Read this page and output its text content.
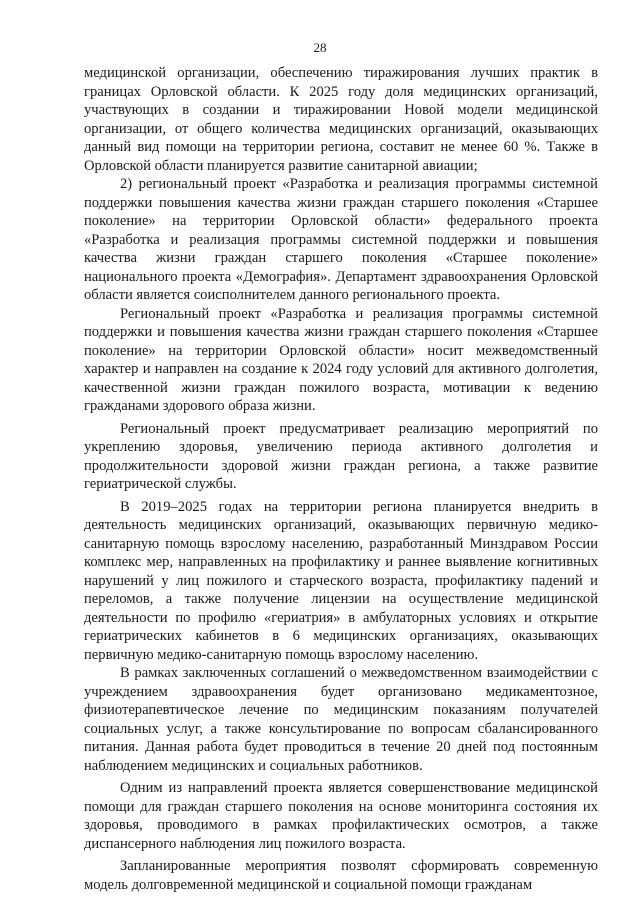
28

медицинской организации, обеспечению тиражирования лучших практик в границах Орловской области. К 2025 году доля медицинских организаций, участвующих в создании и тиражировании Новой модели медицинской организации, от общего количества медицинских организаций, оказывающих данный вид помощи на территории региона, составит не менее 60 %. Также в Орловской области планируется развитие санитарной авиации;

2) региональный проект «Разработка и реализация программы системной поддержки повышения качества жизни граждан старшего поколения «Старшее поколение» на территории Орловской области» федерального проекта «Разработка и реализация программы системной поддержки и повышения качества жизни граждан старшего поколения «Старшее поколение» национального проекта «Демография». Департамент здравоохранения Орловской области является соисполнителем данного регионального проекта.

Региональный проект «Разработка и реализация программы системной поддержки и повышения качества жизни граждан старшего поколения «Старшее поколение» на территории Орловской области» носит межведомственный характер и направлен на создание к 2024 году условий для активного долголетия, качественной жизни граждан пожилого возраста, мотивации к ведению гражданами здорового образа жизни.

Региональный проект предусматривает реализацию мероприятий по укреплению здоровья, увеличению периода активного долголетия и продолжительности здоровой жизни граждан региона, а также развитие гериатрической службы.

В 2019–2025 годах на территории региона планируется внедрить в деятельность медицинских организаций, оказывающих первичную медико-санитарную помощь взрослому населению, разработанный Минздравом России комплекс мер, направленных на профилактику и раннее выявление когнитивных нарушений у лиц пожилого и старческого возраста, профилактику падений и переломов, а также получение лицензии на осуществление медицинской деятельности по профилю «гериатрия» в амбулаторных условиях и открытие гериатрических кабинетов в 6 медицинских организациях, оказывающих первичную медико-санитарную помощь взрослому населению.

В рамках заключенных соглашений о межведомственном взаимодействии с учреждением здравоохранения будет организовано медикаментозное, физиотерапевтическое лечение по медицинским показаниям получателей социальных услуг, а также консультирование по вопросам сбалансированного питания. Данная работа будет проводиться в течение 20 дней под постоянным наблюдением медицинских и социальных работников.

Одним из направлений проекта является совершенствование медицинской помощи для граждан старшего поколения на основе мониторинга состояния их здоровья, проводимого в рамках профилактических осмотров, а также диспансерного наблюдения лиц пожилого возраста.

Запланированные мероприятия позволят сформировать современную модель долговременной медицинской и социальной помощи гражданам
